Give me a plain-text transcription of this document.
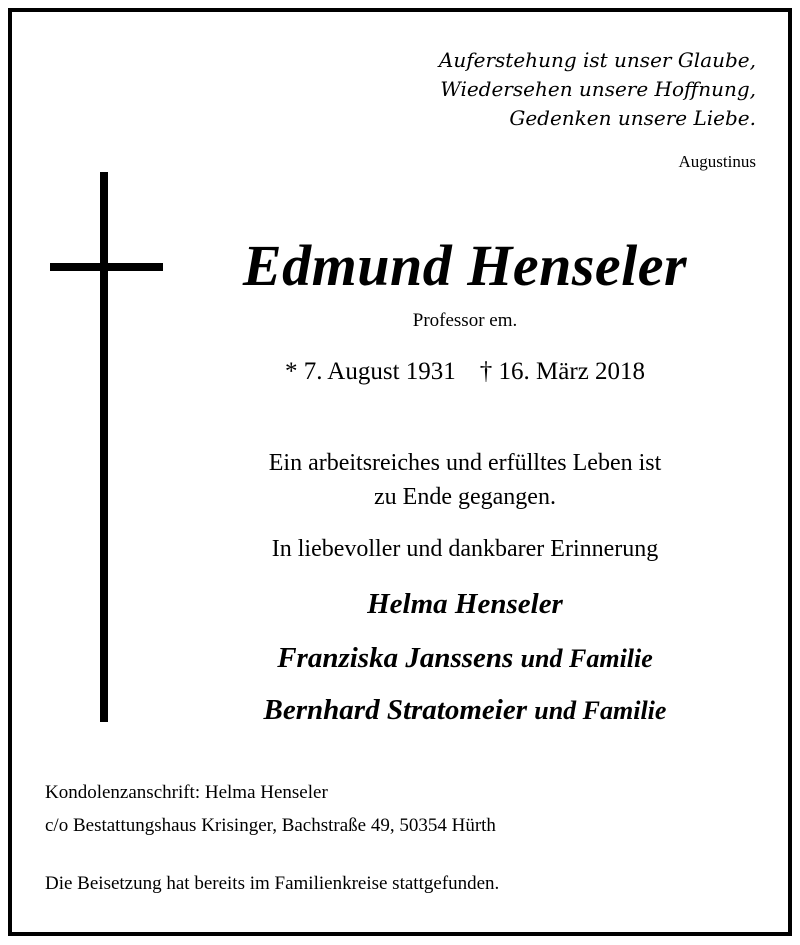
Auferstehung ist unser Glaube,
Wiedersehen unsere Hoffnung,
Gedenken unsere Liebe.
Augustinus
Edmund Henseler
Professor em.
* 7. August 1931 † 16. März 2018
Ein arbeitsreiches und erfülltes Leben ist
zu Ende gegangen.
In liebevoller und dankbarer Erinnerung
Helma Henseler
Franziska Janssens und Familie
Bernhard Stratomeier und Familie
Kondolenzanschrift: Helma Henseler
c/o Bestattungshaus Krisinger, Bachstraße 49, 50354 Hürth
Die Beisetzung hat bereits im Familienkreise stattgefunden.
